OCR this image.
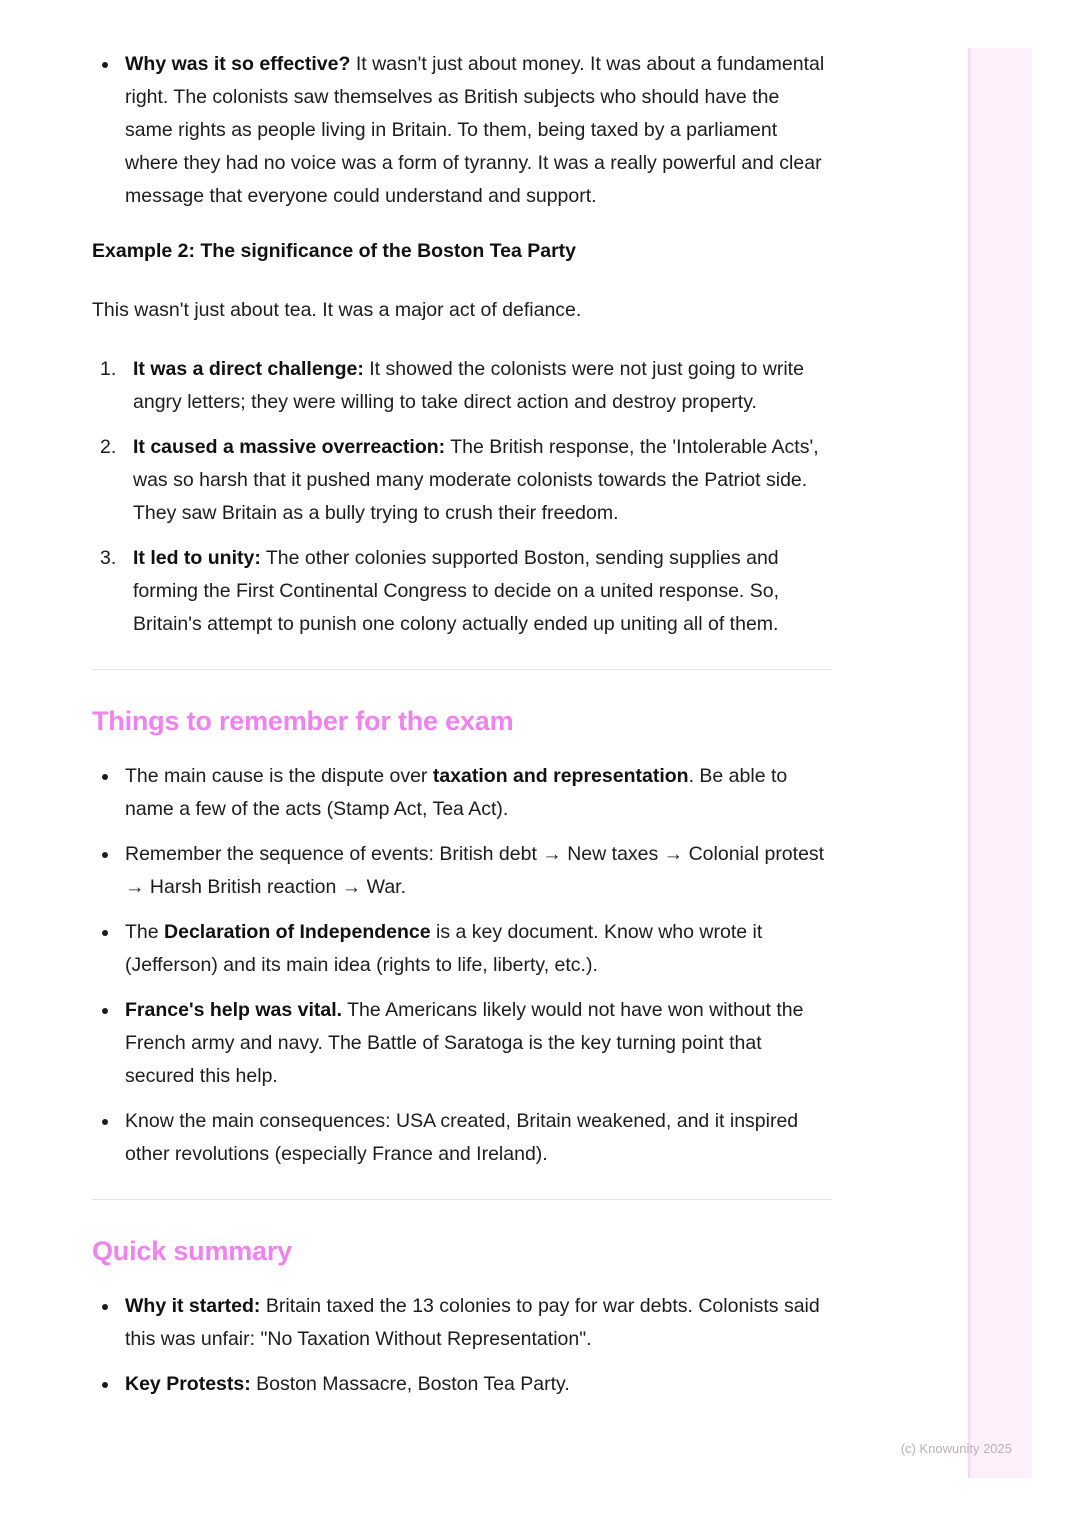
Why was it so effective? It wasn't just about money. It was about a fundamental right. The colonists saw themselves as British subjects who should have the same rights as people living in Britain. To them, being taxed by a parliament where they had no voice was a form of tyranny. It was a really powerful and clear message that everyone could understand and support.

Example 2: The significance of the Boston Tea Party

This wasn't just about tea. It was a major act of defiance.

It was a direct challenge: It showed the colonists were not just going to write angry letters; they were willing to take direct action and destroy property.
It caused a massive overreaction: The British response, the 'Intolerable Acts', was so harsh that it pushed many moderate colonists towards the Patriot side. They saw Britain as a bully trying to crush their freedom.
It led to unity: The other colonies supported Boston, sending supplies and forming the First Continental Congress to decide on a united response. So, Britain's attempt to punish one colony actually ended up uniting all of them.
Things to remember for the exam
The main cause is the dispute over taxation and representation. Be able to name a few of the acts (Stamp Act, Tea Act).
Remember the sequence of events: British debt → New taxes → Colonial protest → Harsh British reaction → War.
The Declaration of Independence is a key document. Know who wrote it (Jefferson) and its main idea (rights to life, liberty, etc.).
France's help was vital. The Americans likely would not have won without the French army and navy. The Battle of Saratoga is the key turning point that secured this help.
Know the main consequences: USA created, Britain weakened, and it inspired other revolutions (especially France and Ireland).
Quick summary
Why it started: Britain taxed the 13 colonies to pay for war debts. Colonists said this was unfair: "No Taxation Without Representation".
Key Protests: Boston Massacre, Boston Tea Party.
(c) Knowunity 2025
